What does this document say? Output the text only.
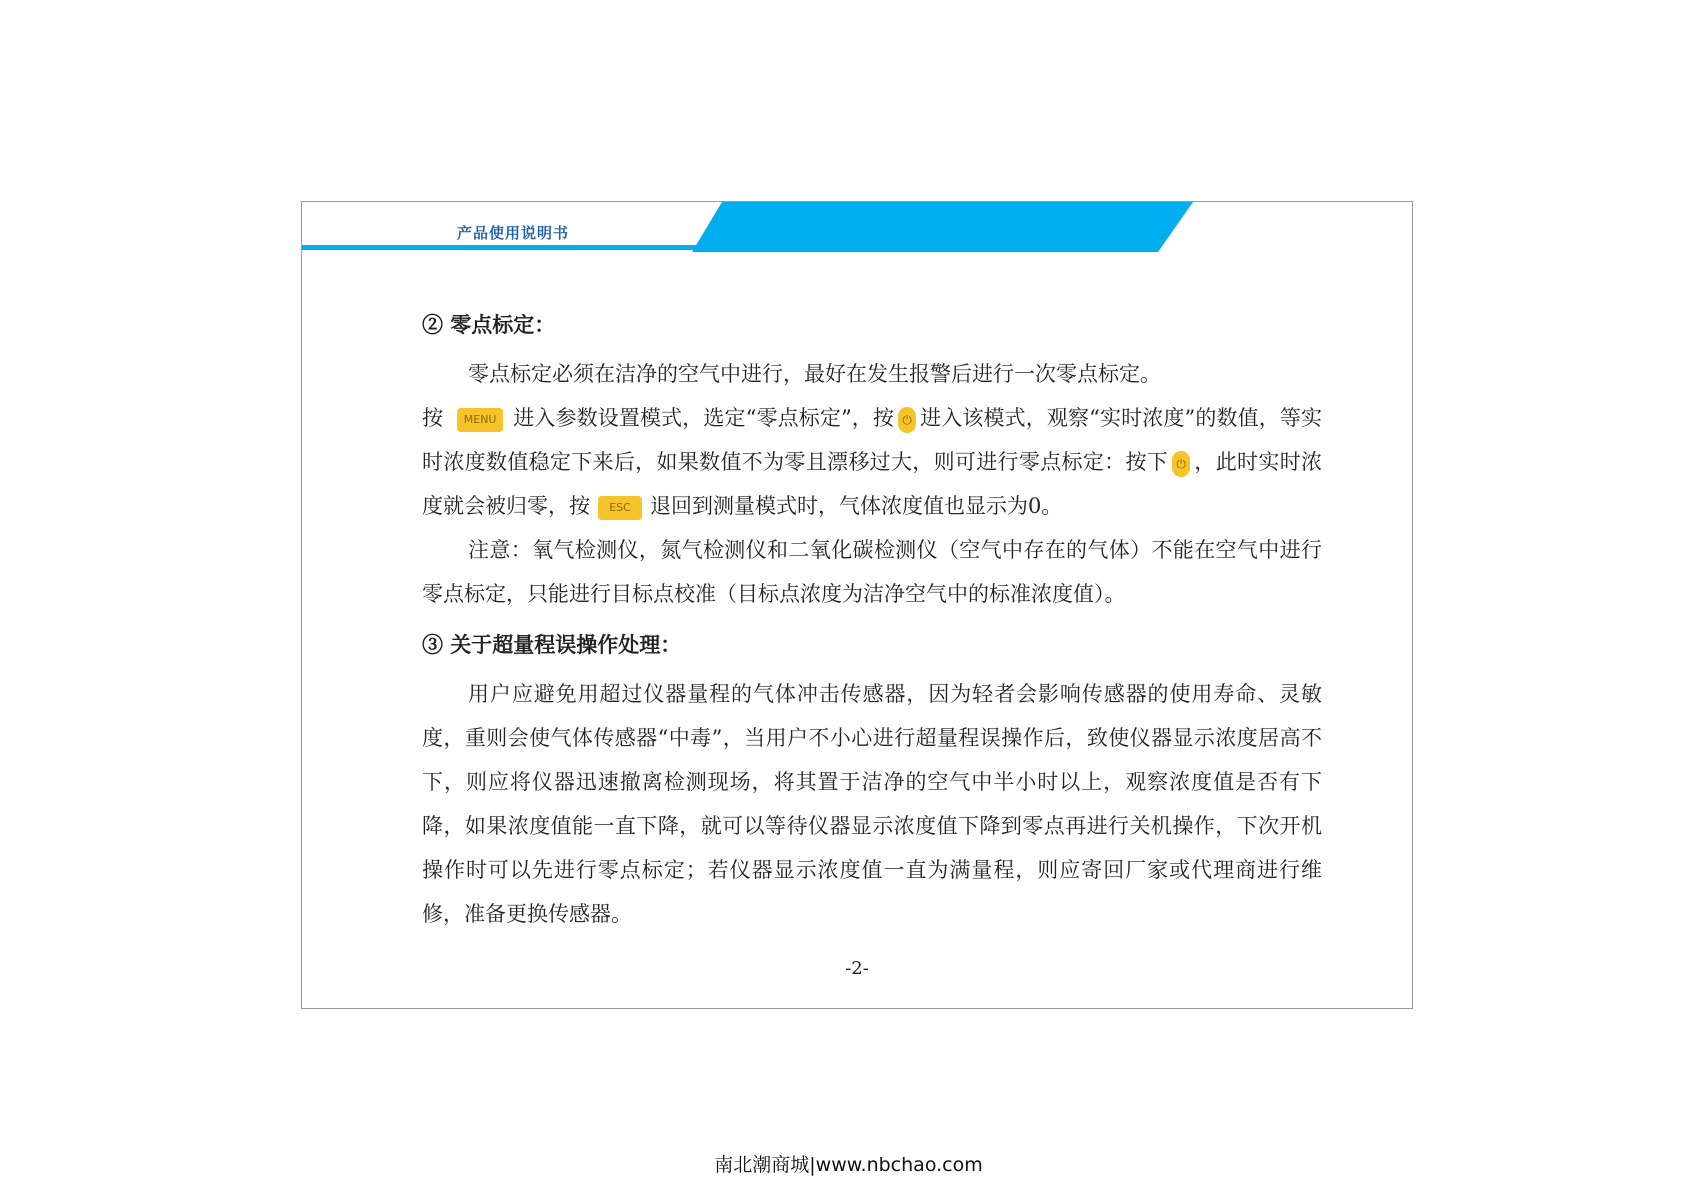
产品使用说明书

② 零点标定：

零点标定必须在洁净的空气中进行，最好在发生报警后进行一次零点标定。

按 MENU 进入参数设置模式，选定“零点标定”，按 ⏻ 进入该模式，观察“实时浓度”的数值，等实时浓度数值稳定下来后，如果数值不为零且漂移过大，则可进行零点标定：按下 ⏻ ，此时实时浓度就会被归零，按 ESC 退回到测量模式时，气体浓度值也显示为0。

注意：氧气检测仪，氮气检测仪和二氧化碳检测仪（空气中存在的气体）不能在空气中进行零点标定，只能进行目标点校准（目标点浓度为洁净空气中的标准浓度值）。

③ 关于超量程误操作处理：

用户应避免用超过仪器量程的气体冲击传感器，因为轻者会影响传感器的使用寿命、灵敏度，重则会使气体传感器“中毒”，当用户不小心进行超量程误操作后，致使仪器显示浓度居高不下，则应将仪器迅速撤离检测现场，将其置于洁净的空气中半小时以上，观察浓度值是否有下降，如果浓度值能一直下降，就可以等待仪器显示浓度值下降到零点再进行关机操作，下次开机操作时可以先进行零点标定；若仪器显示浓度值一直为满量程，则应寄回厂家或代理商进行维修，准备更换传感器。

-2-
南北潮商城|www.nbchao.com
